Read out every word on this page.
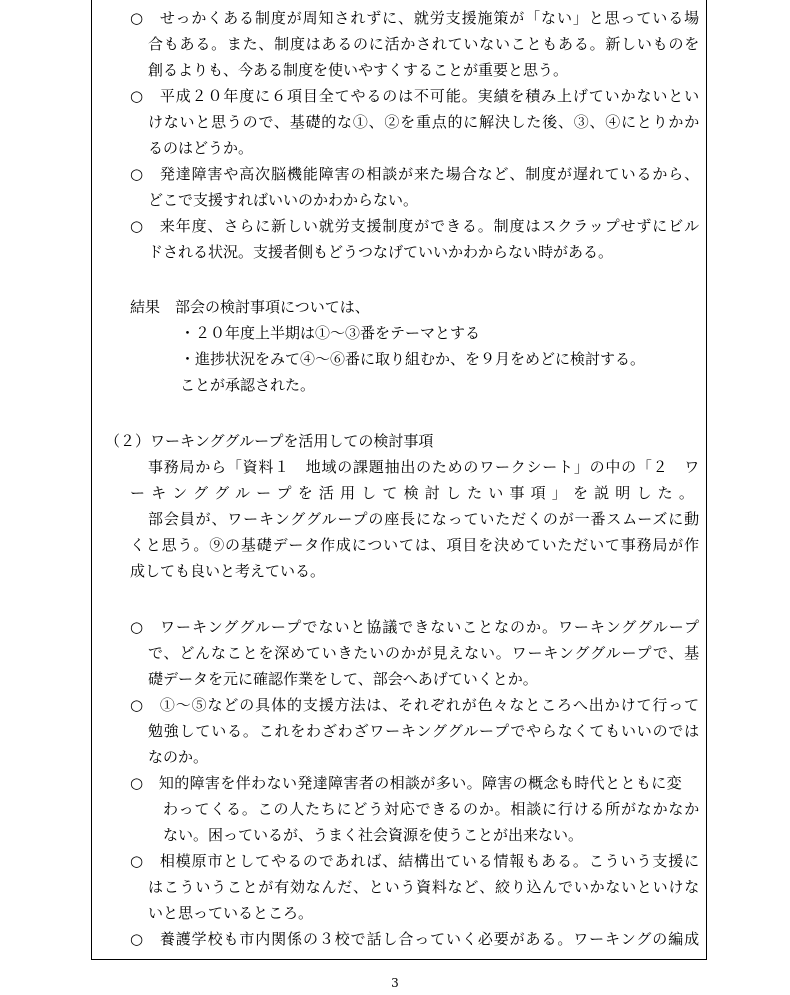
○　せっかくある制度が周知されずに、就労支援施策が「ない」と思っている場
合もある。また、制度はあるのに活かされていないこともある。新しいものを
創るよりも、今ある制度を使いやすくすることが重要と思う。
○　平成２０年度に６項目全てやるのは不可能。実績を積み上げていかないとい
けないと思うので、基礎的な①、②を重点的に解決した後、③、④にとりかか
るのはどうか。
○　発達障害や高次脳機能障害の相談が来た場合など、制度が遅れているから、
どこで支援すればいいのかわからない。
○　来年度、さらに新しい就労支援制度ができる。制度はスクラップせずにビル
ドされる状況。支援者側もどうつなげていいかわからない時がある。
結果　部会の検討事項については、
・２０年度上半期は①～③番をテーマとする
・進捗状況をみて④～⑥番に取り組むか、を９月をめどに検討する。
ことが承認された。
（２）ワーキンググループを活用しての検討事項
事務局から「資料１　地域の課題抽出のためのワークシート」の中の「２　ワ
ーキンググループを活用して検討したい事項」を説明した。
部会員が、ワーキンググループの座長になっていただくのが一番スムーズに動
くと思う。⑨の基礎データ作成については、項目を決めていただいて事務局が作
成しても良いと考えている。
○　ワーキンググループでないと協議できないことなのか。ワーキンググループ
で、どんなことを深めていきたいのかが見えない。ワーキンググループで、基
礎データを元に確認作業をして、部会へあげていくとか。
○　①～⑤などの具体的支援方法は、それぞれが色々なところへ出かけて行って
勉強している。これをわざわざワーキンググループでやらなくてもいいのでは
なのか。
○　知的障害を伴わない発達障害者の相談が多い。障害の概念も時代とともに変
わってくる。この人たちにどう対応できるのか。相談に行ける所がなかなか
ない。困っているが、うまく社会資源を使うことが出来ない。
○　相模原市としてやるのであれば、結構出ている情報もある。こういう支援に
はこういうことが有効なんだ、という資料など、絞り込んでいかないといけな
いと思っているところ。
○　養護学校も市内関係の３校で話し合っていく必要がある。ワーキングの編成
3
